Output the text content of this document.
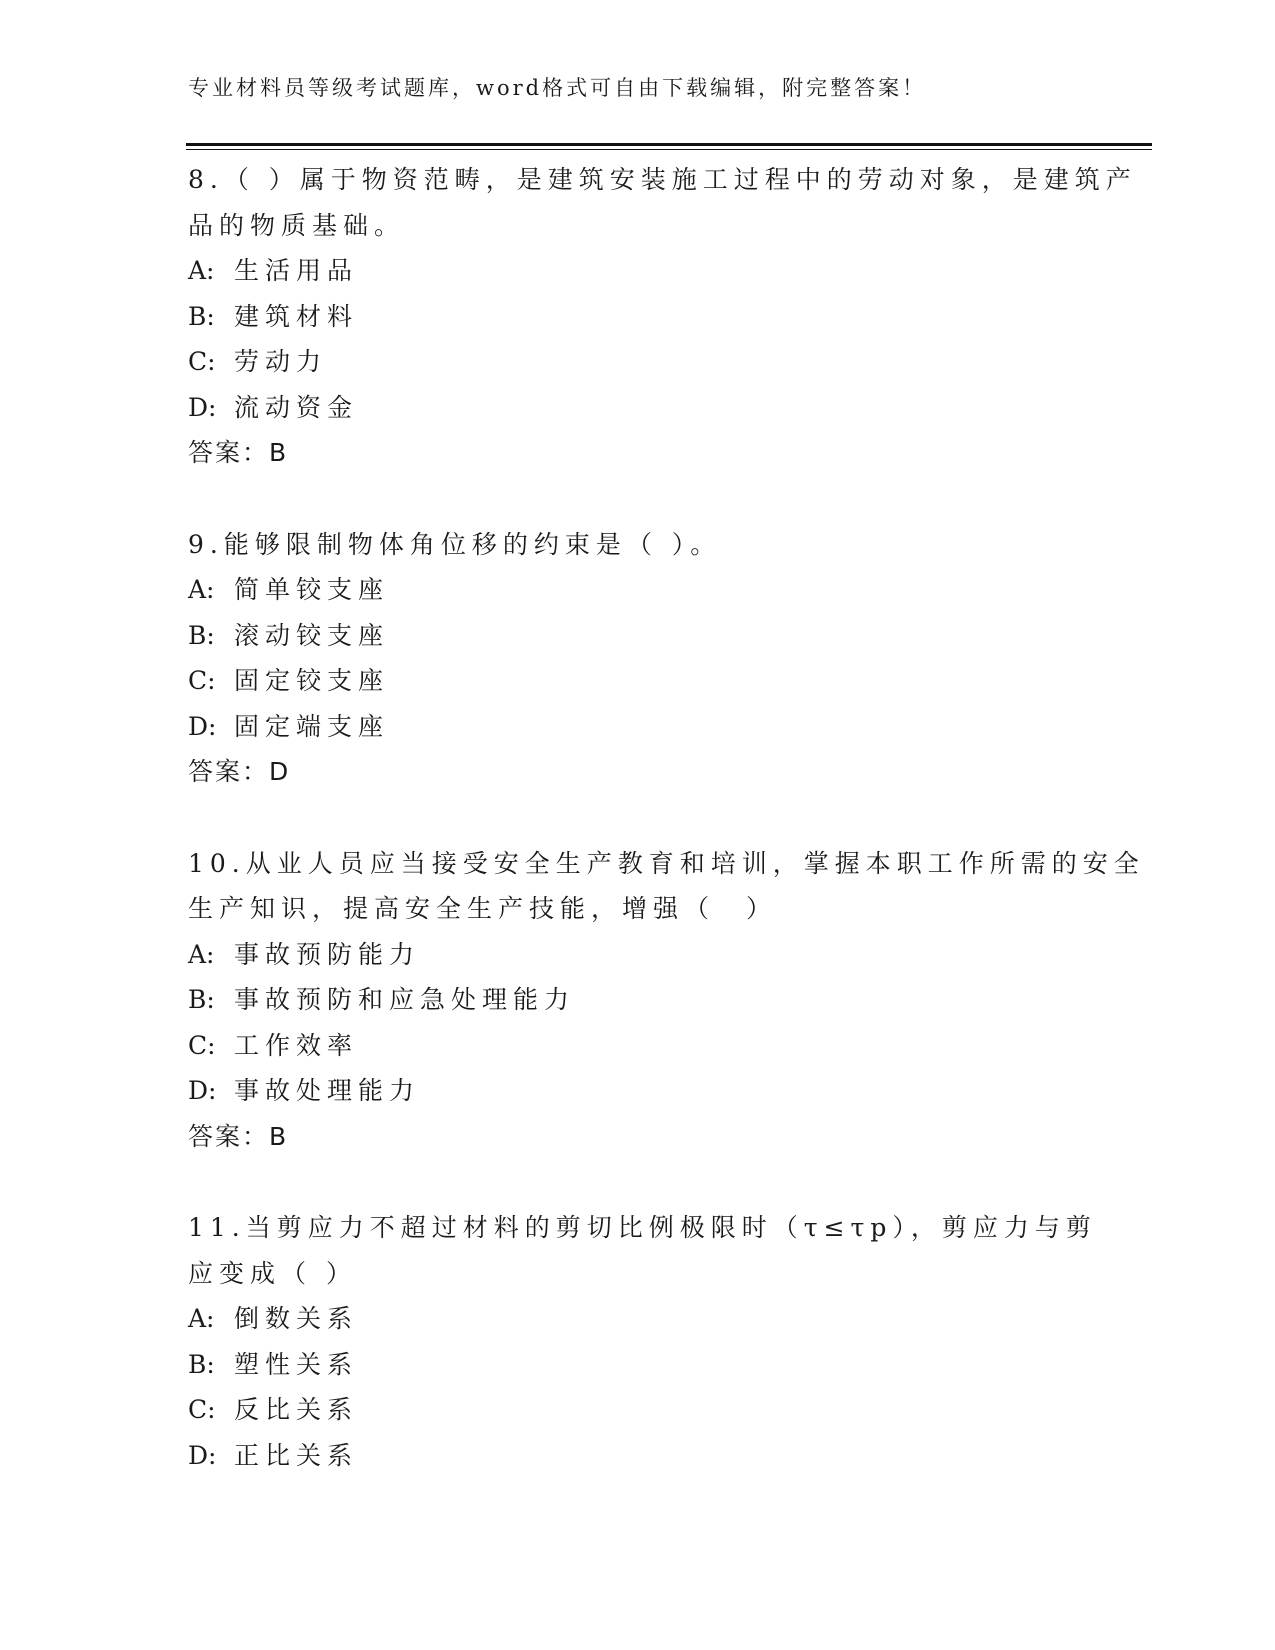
专业材料员等级考试题库，word格式可自由下载编辑，附完整答案！
8.（ ）属于物资范畴，是建筑安装施工过程中的劳动对象，是建筑产
品的物质基础。
A: 生活用品
B: 建筑材料
C: 劳动力
D: 流动资金
答案：B
9.能够限制物体角位移的约束是（ ）。
A: 简单铰支座
B: 滚动铰支座
C: 固定铰支座
D: 固定端支座
答案：D
10.从业人员应当接受安全生产教育和培训，掌握本职工作所需的安全
生产知识，提高安全生产技能，增强（　）
A: 事故预防能力
B: 事故预防和应急处理能力
C: 工作效率
D: 事故处理能力
答案：B
11.当剪应力不超过材料的剪切比例极限时（τ≤τp），剪应力与剪
应变成（ ）
A: 倒数关系
B: 塑性关系
C: 反比关系
D: 正比关系
